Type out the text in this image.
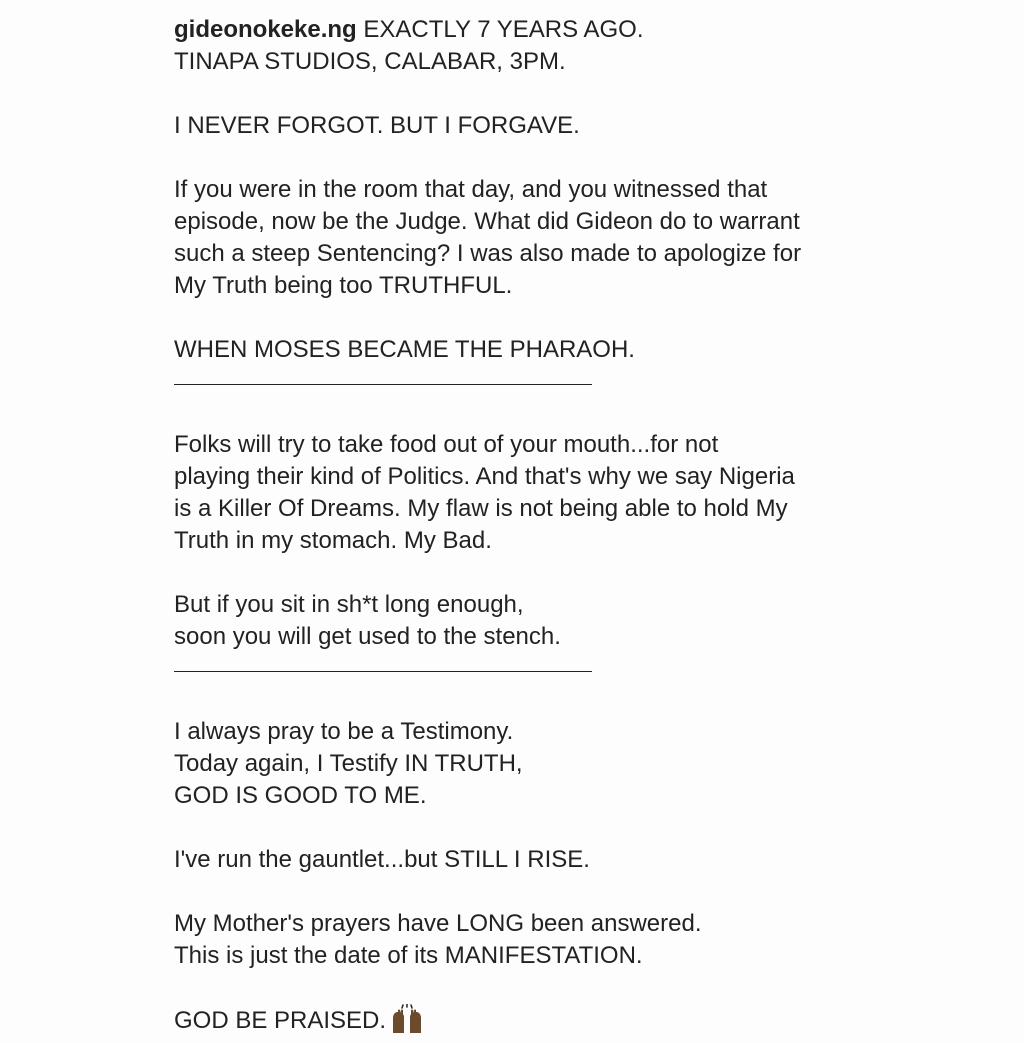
gideonokeke.ng EXACTLY 7 YEARS AGO.
TINAPA STUDIOS, CALABAR, 3PM.

I NEVER FORGOT. BUT I FORGAVE.

If you were in the room that day, and you witnessed that
episode, now be the Judge. What did Gideon do to warrant
such a steep Sentencing? I was also made to apologize for
My Truth being too TRUTHFUL.

WHEN MOSES BECAME THE PHARAOH.

Folks will try to take food out of your mouth...for not
playing their kind of Politics. And that's why we say Nigeria
is a Killer Of Dreams. My flaw is not being able to hold My
Truth in my stomach. My Bad.

But if you sit in sh*t long enough,
soon you will get used to the stench.

I always pray to be a Testimony.
Today again, I Testify IN TRUTH,
GOD IS GOOD TO ME.

I've run the gauntlet...but STILL I RISE.

My Mother's prayers have LONG been answered.
This is just the date of its MANIFESTATION.

GOD BE PRAISED.
